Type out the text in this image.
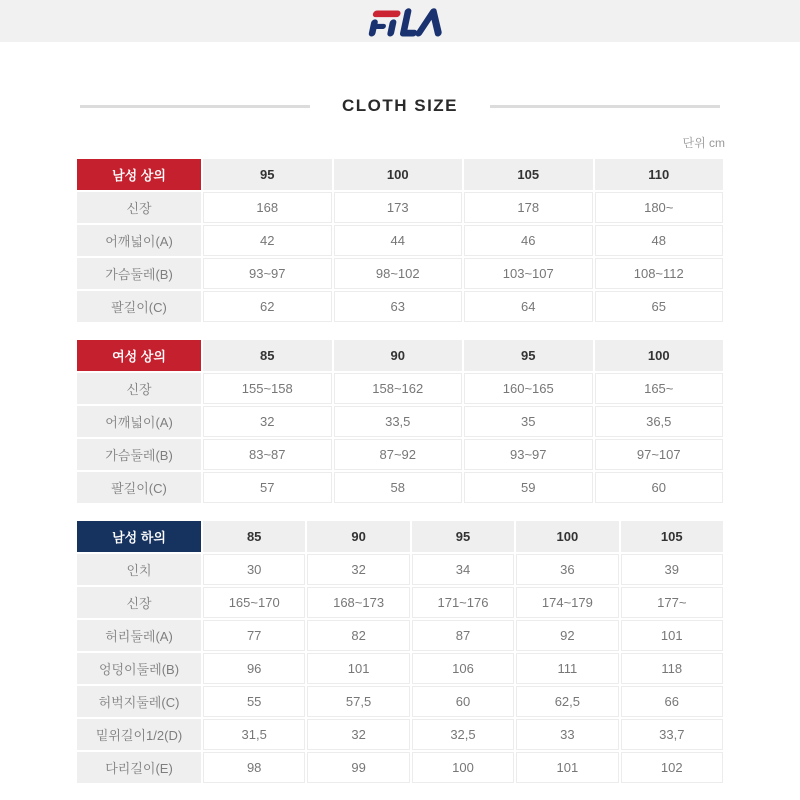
CLOTH SIZE
단위 cm
남성 상의	95	100	105	110
신장	168	173	178	180~
어깨넓이(A)	42	44	46	48
가슴둘레(B)	93~97	98~102	103~107	108~112
팔길이(C)	62	63	64	65
여성 상의	85	90	95	100
신장	155~158	158~162	160~165	165~
어깨넓이(A)	32	33,5	35	36,5
가슴둘레(B)	83~87	87~92	93~97	97~107
팔길이(C)	57	58	59	60
남성 하의	85	90	95	100	105
인치	30	32	34	36	39
신장	165~170	168~173	171~176	174~179	177~
허리둘레(A)	77	82	87	92	101
엉덩이둘레(B)	96	101	106	111	118
허벅지둘레(C)	55	57,5	60	62,5	66
밑위길이1/2(D)	31,5	32	32,5	33	33,7
다리길이(E)	98	99	100	101	102
